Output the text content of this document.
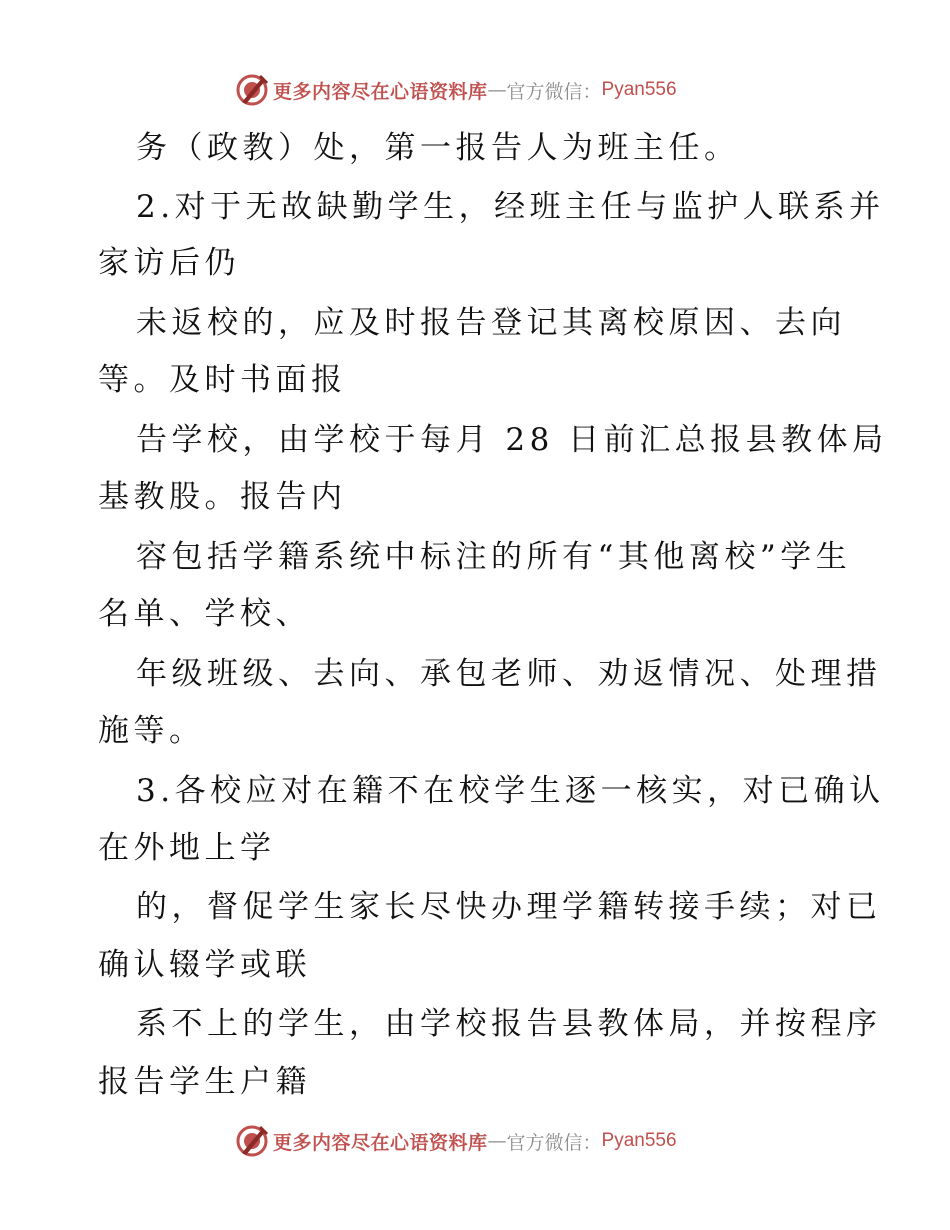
更多内容尽在心语资料库 — 官方微信： Pyan556
务（政教）处，第一报告人为班主任。
2.对于无故缺勤学生，经班主任与监护人联系并
家访后仍
未返校的，应及时报告登记其离校原因、去向
等。及时书面报
告学校，由学校于每月 28 日前汇总报县教体局
基教股。报告内
容包括学籍系统中标注的所有“其他离校”学生
名单、学校、
年级班级、去向、承包老师、劝返情况、处理措
施等。
3.各校应对在籍不在校学生逐一核实，对已确认
在外地上学
的，督促学生家长尽快办理学籍转接手续；对已
确认辍学或联
系不上的学生，由学校报告县教体局，并按程序
报告学生户籍
更多内容尽在心语资料库 — 官方微信： Pyan556
